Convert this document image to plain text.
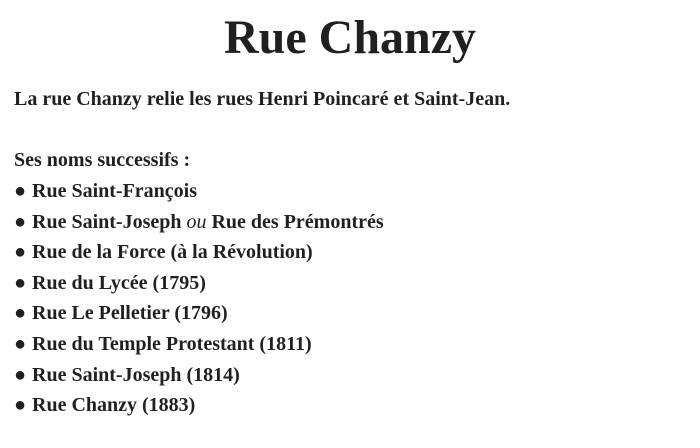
Rue Chanzy

La rue Chanzy relie les rues Henri Poincaré et Saint-Jean.

Ses noms successifs :

● Rue Saint-François
● Rue Saint-Joseph ou Rue des Prémontrés
● Rue de la Force (à la Révolution)
● Rue du Lycée (1795)
● Rue Le Pelletier (1796)
● Rue du Temple Protestant (1811)
● Rue Saint-Joseph (1814)
● Rue Chanzy (1883)
